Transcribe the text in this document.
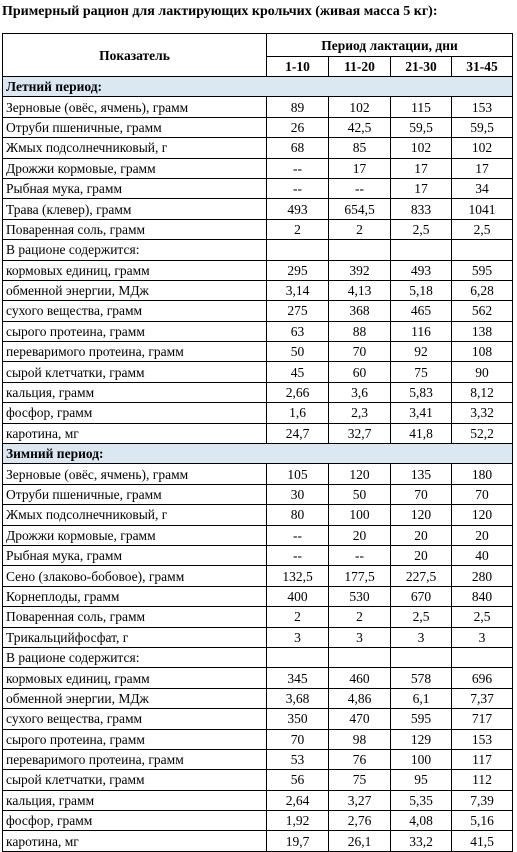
Примерный рацион для лактирующих крольчих (живая масса 5 кг):
Показатель	Период лактации, дни			
	1-10	11-20	21-30	31-45
Летний период:				
Зерновые (овёс, ячмень), грамм	89	102	115	153
Отруби пшеничные, грамм	26	42,5	59,5	59,5
Жмых подсолнечниковый, г	68	85	102	102
Дрожжи кормовые, грамм	--	17	17	17
Рыбная мука, грамм	--	--	17	34
Трава (клевер), грамм	493	654,5	833	1041
Поваренная соль, грамм	2	2	2,5	2,5
В рационе содержится:				
кормовых единиц, грамм	295	392	493	595
обменной энергии, МДж	3,14	4,13	5,18	6,28
сухого вещества, грамм	275	368	465	562
сырого протеина, грамм	63	88	116	138
переваримого протеина, грамм	50	70	92	108
сырой клетчатки, грамм	45	60	75	90
кальция, грамм	2,66	3,6	5,83	8,12
фосфор, грамм	1,6	2,3	3,41	3,32
каротина, мг	24,7	32,7	41,8	52,2
Зимний период:				
Зерновые (овёс, ячмень), грамм	105	120	135	180
Отруби пшеничные, грамм	30	50	70	70
Жмых подсолнечниковый, г	80	100	120	120
Дрожжи кормовые, грамм	--	20	20	20
Рыбная мука, грамм	--	--	20	40
Сено (злаково-бобовое), грамм	132,5	177,5	227,5	280
Корнеплоды, грамм	400	530	670	840
Поваренная соль, грамм	2	2	2,5	2,5
Трикальцийфосфат, г	3	3	3	3
В рационе содержится:				
кормовых единиц, грамм	345	460	578	696
обменной энергии, МДж	3,68	4,86	6,1	7,37
сухого вещества, грамм	350	470	595	717
сырого протеина, грамм	70	98	129	153
переваримого протеина, грамм	53	76	100	117
сырой клетчатки, грамм	56	75	95	112
кальция, грамм	2,64	3,27	5,35	7,39
фосфор, грамм	1,92	2,76	4,08	5,16
каротина, мг	19,7	26,1	33,2	41,5
